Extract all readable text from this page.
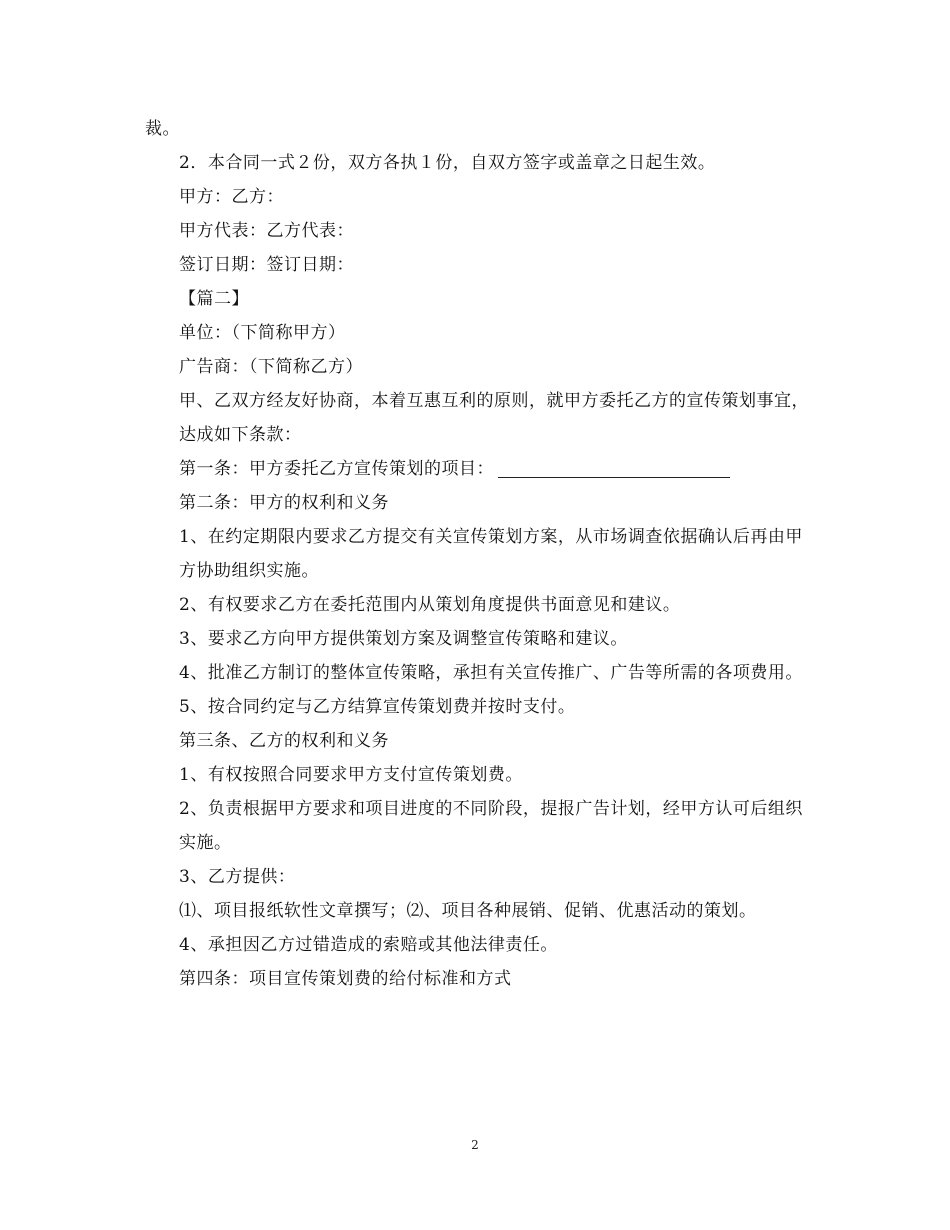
裁。

2．本合同一式２份，双方各执１份，自双方签字或盖章之日起生效。

甲方：乙方：

甲方代表：乙方代表：

签订日期：签订日期：

【篇二】

单位：（下简称甲方）

广告商：（下简称乙方）

甲、乙双方经友好协商，本着互惠互利的原则，就甲方委托乙方的宣传策划事宜，达成如下条款：

第一条：甲方委托乙方宣传策划的项目：

第二条：甲方的权利和义务

1、在约定期限内要求乙方提交有关宣传策划方案，从市场调查依据确认后再由甲方协助组织实施。

2、有权要求乙方在委托范围内从策划角度提供书面意见和建议。

3、要求乙方向甲方提供策划方案及调整宣传策略和建议。

4、批准乙方制订的整体宣传策略，承担有关宣传推广、广告等所需的各项费用。

5、按合同约定与乙方结算宣传策划费并按时支付。

第三条、乙方的权利和义务

1、有权按照合同要求甲方支付宣传策划费。

2、负责根据甲方要求和项目进度的不同阶段，提报广告计划，经甲方认可后组织实施。

3、乙方提供：

⑴、项目报纸软性文章撰写；⑵、项目各种展销、促销、优惠活动的策划。

4、承担因乙方过错造成的索赔或其他法律责任。

第四条：项目宣传策划费的给付标准和方式

2
